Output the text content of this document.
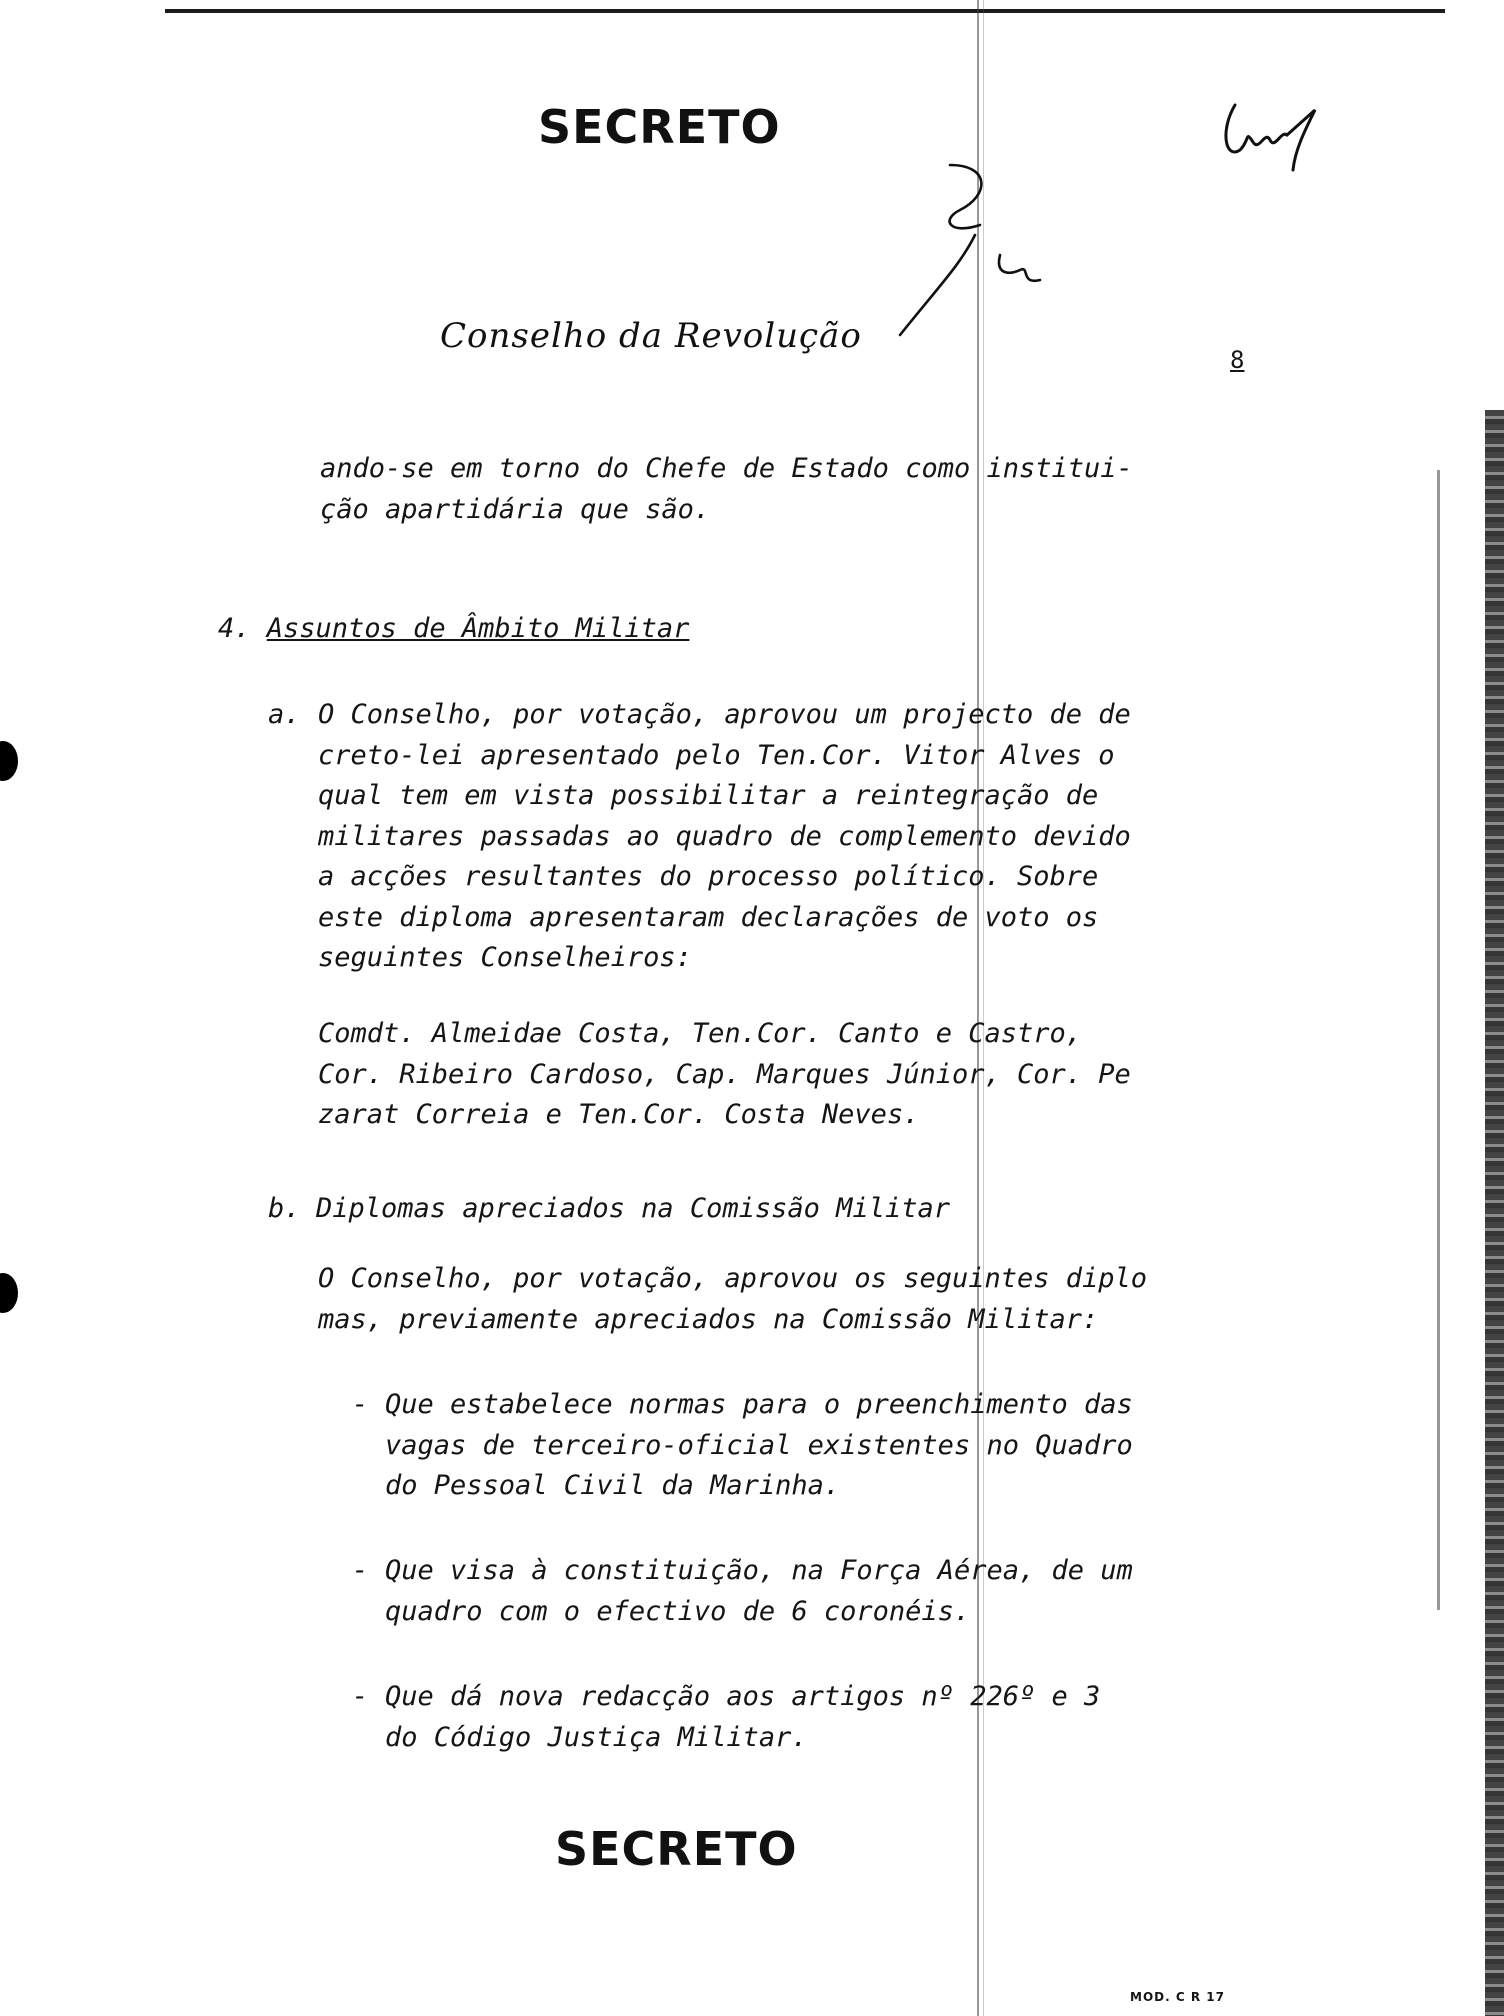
SECRETO
Conselho da Revolução
8
ando-se em torno do Chefe de Estado como institui-
ção apartidária que são.
4. Assuntos de Âmbito Militar
a. O Conselho, por votação, aprovou um projecto de de
creto-lei apresentado pelo Ten.Cor. Vitor Alves o
qual tem em vista possibilitar a reintegração de
militares passadas ao quadro de complemento devido
a acções resultantes do processo político. Sobre
este diploma apresentaram declarações de voto os
seguintes Conselheiros:
Comdt. Almeidae Costa, Ten.Cor. Canto e Castro,
Cor. Ribeiro Cardoso, Cap. Marques Júnior, Cor. Pe
zarat Correia e Ten.Cor. Costa Neves.
b. Diplomas apreciados na Comissão Militar
O Conselho, por votação, aprovou os seguintes diplo
mas, previamente apreciados na Comissão Militar:
- Que estabelece normas para o preenchimento das
vagas de terceiro-oficial existentes no Quadro
do Pessoal Civil da Marinha.
- Que visa à constituição, na Força Aérea, de um
quadro com o efectivo de 6 coronéis.
- Que dá nova redacção aos artigos nº 226º e 3
do Código Justiça Militar.
SECRETO
MOD. C R 17
